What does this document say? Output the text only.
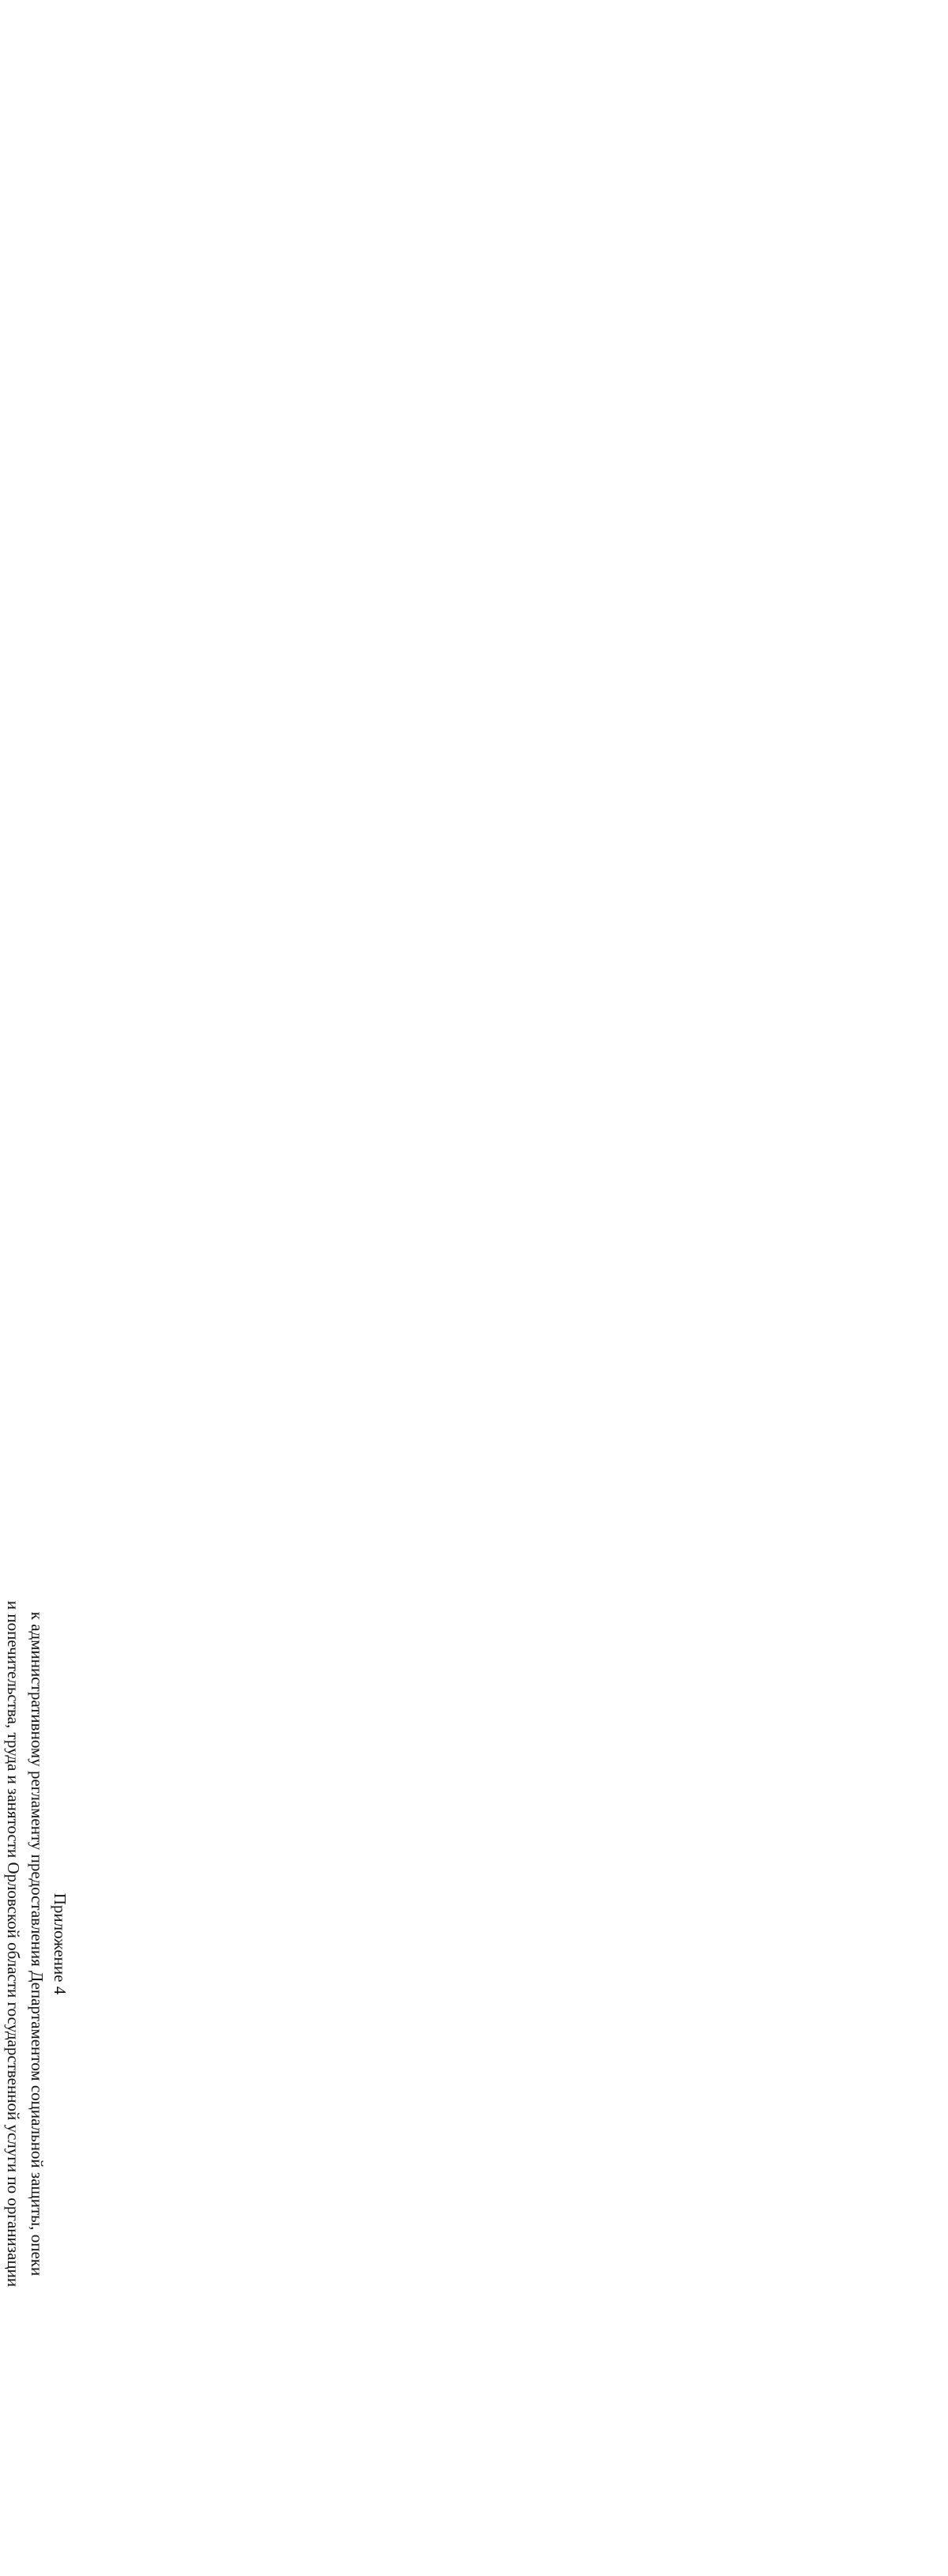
Приложение 4
к административному регламенту предоставления Департаментом социальной защиты, опеки
и попечительства, труда и занятости Орловской области государственной услуги по организации
